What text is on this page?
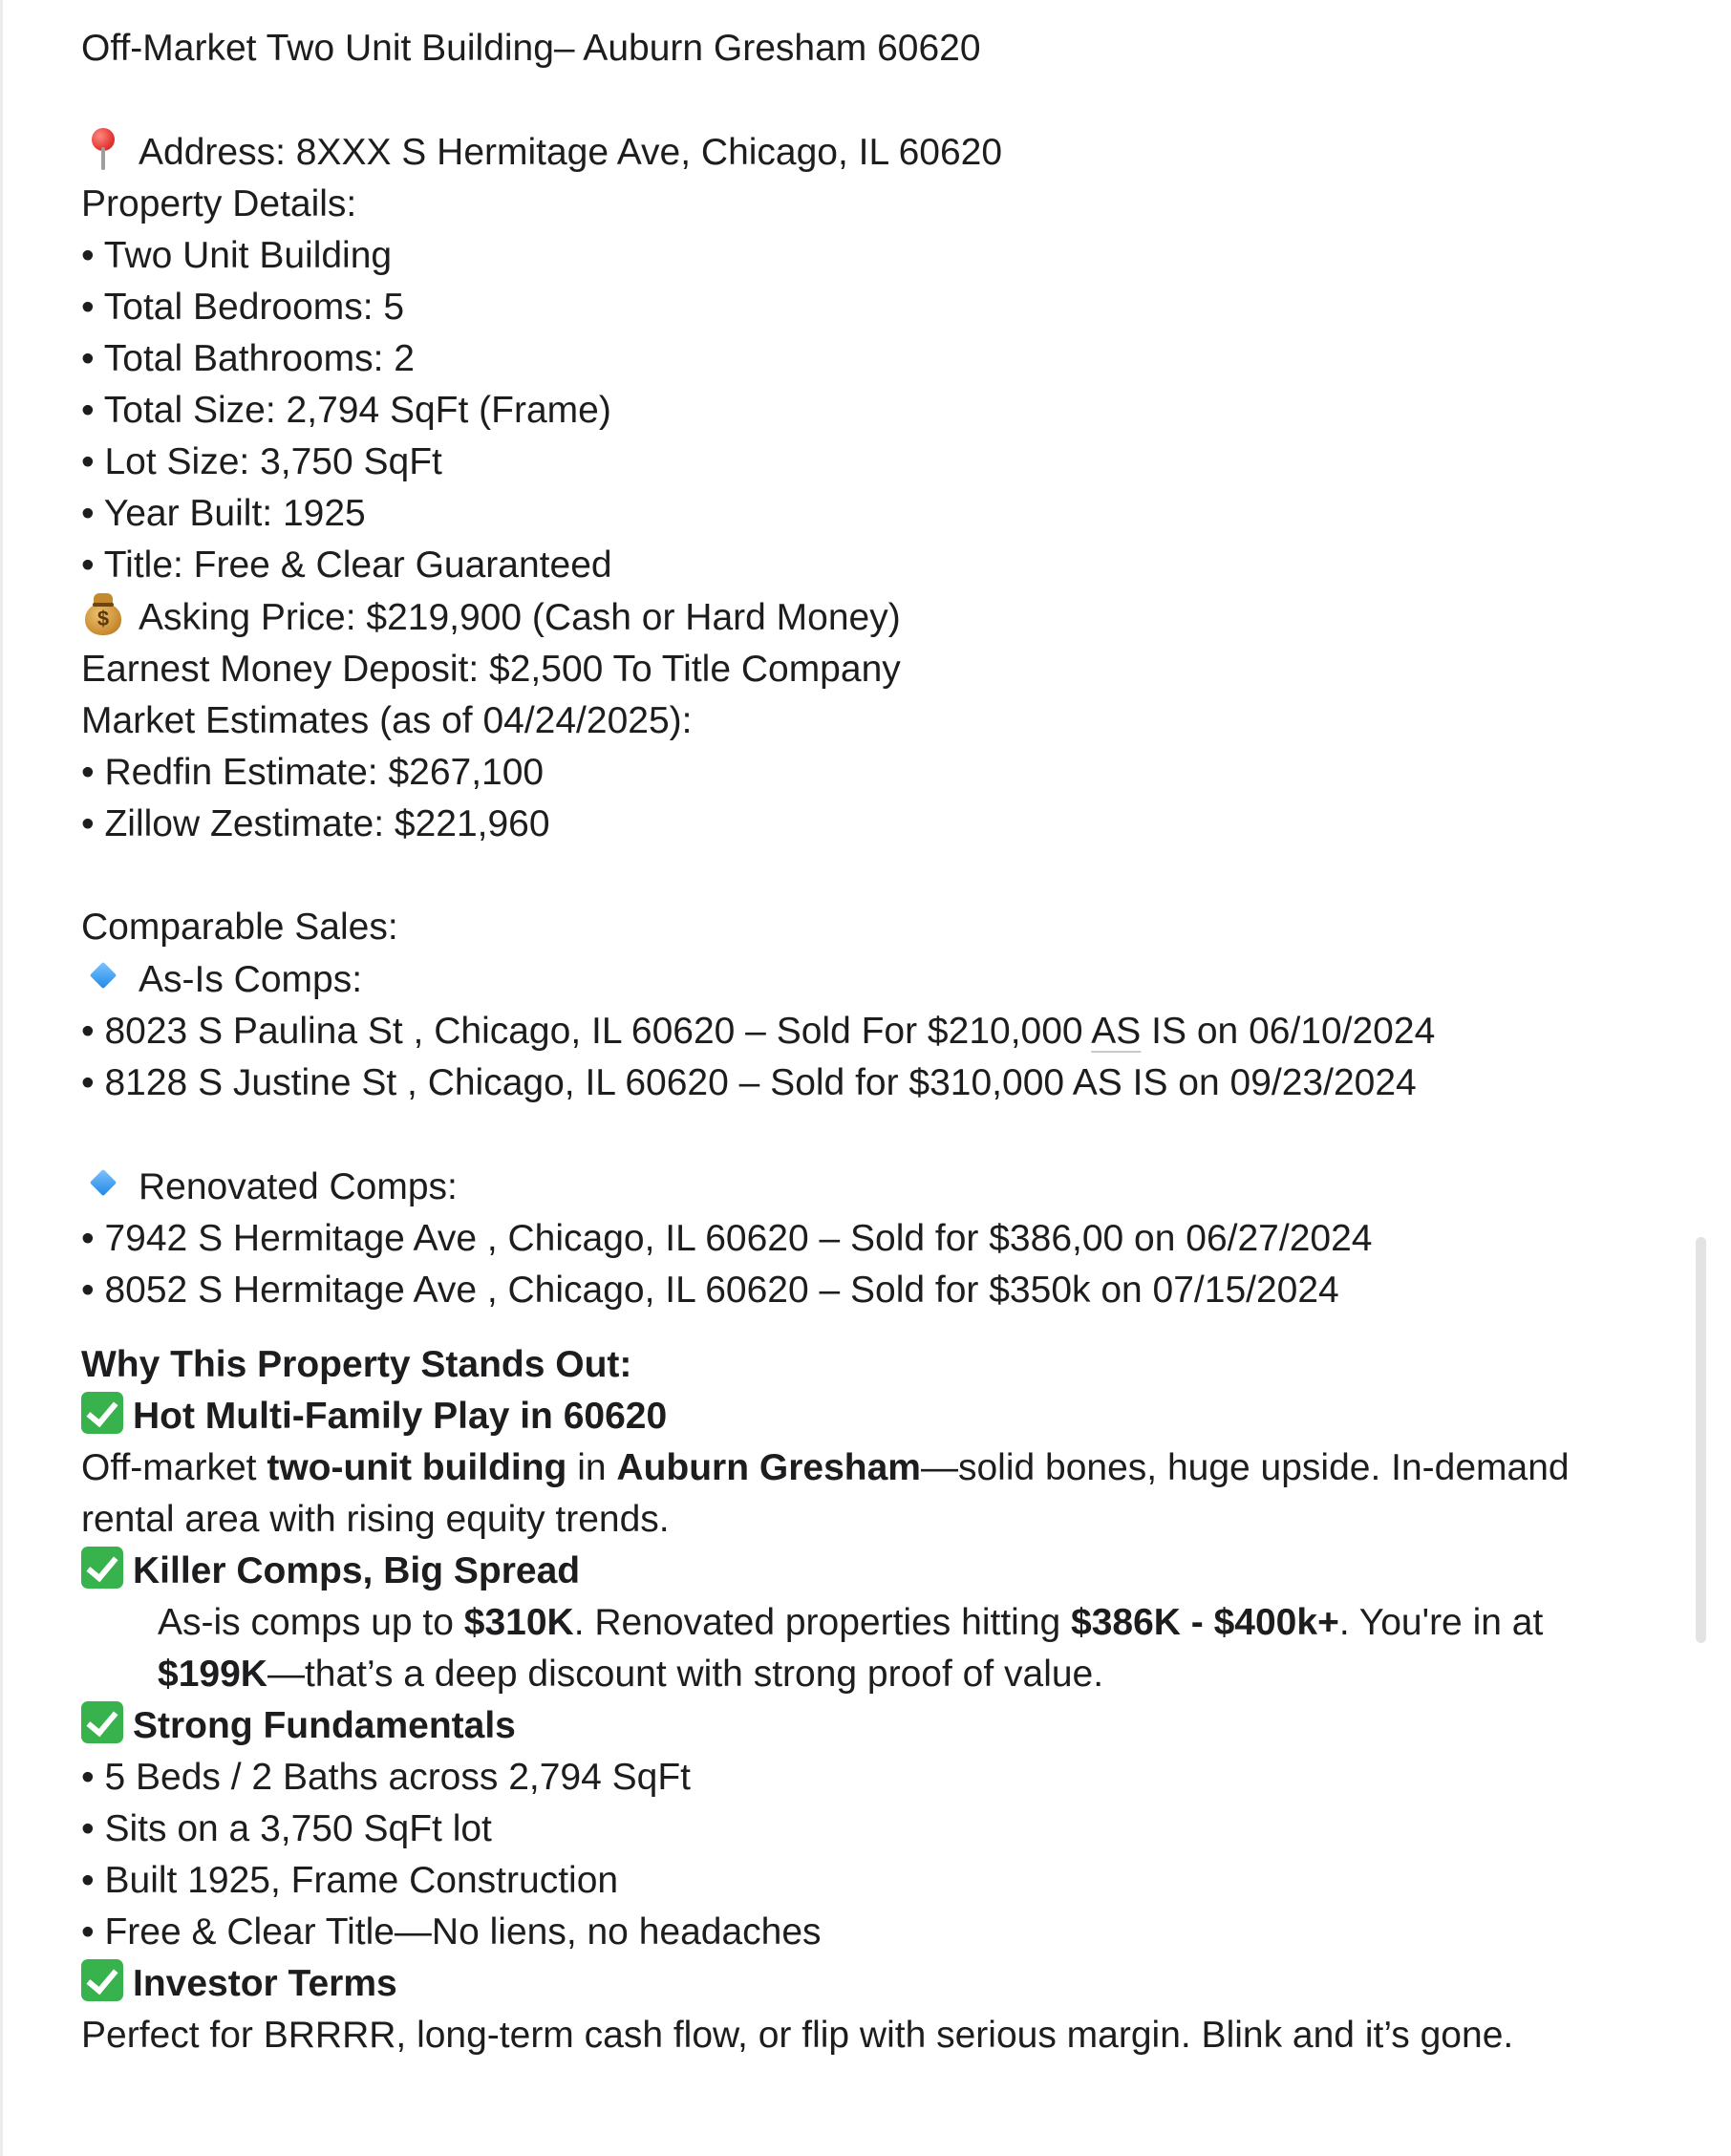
Off-Market Two Unit Building– Auburn Gresham 60620
Address: 8XXX S Hermitage Ave, Chicago, IL 60620
Property Details:
• Two Unit Building
• Total Bedrooms: 5
• Total Bathrooms: 2
• Total Size: 2,794 SqFt (Frame)
• Lot Size: 3,750 SqFt
• Year Built: 1925
• Title: Free & Clear Guaranteed
$ Asking Price: $219,900 (Cash or Hard Money)
Earnest Money Deposit: $2,500 To Title Company
Market Estimates (as of 04/24/2025):
• Redfin Estimate: $267,100
• Zillow Zestimate: $221,960
Comparable Sales:
As-Is Comps:
• 8023 S Paulina St , Chicago, IL 60620 – Sold For $210,000 AS IS on 06/10/2024
• 8128 S Justine St , Chicago, IL 60620 – Sold for $310,000 AS IS on 09/23/2024
Renovated Comps:
• 7942 S Hermitage Ave , Chicago, IL 60620 – Sold for $386,00 on 06/27/2024
• 8052 S Hermitage Ave , Chicago, IL 60620 – Sold for $350k on 07/15/2024
Why This Property Stands Out:
Hot Multi-Family Play in 60620
Off-market two-unit building in Auburn Gresham—solid bones, huge upside. In-demand rental area with rising equity trends.
Killer Comps, Big Spread
As-is comps up to $310K. Renovated properties hitting $386K - $400k+. You're in at $199K—that’s a deep discount with strong proof of value.
Strong Fundamentals
• 5 Beds / 2 Baths across 2,794 SqFt
• Sits on a 3,750 SqFt lot
• Built 1925, Frame Construction
• Free & Clear Title—No liens, no headaches
Investor Terms
Perfect for BRRRR, long-term cash flow, or flip with serious margin. Blink and it’s gone.
